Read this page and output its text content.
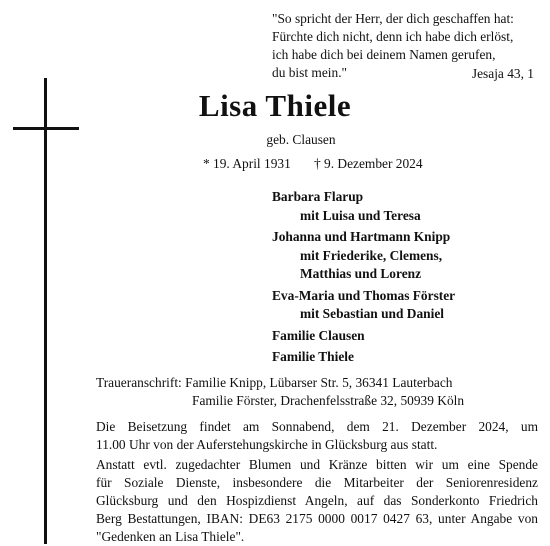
"So spricht der Herr, der dich geschaffen hat:
Fürchte dich nicht, denn ich habe dich erlöst,
ich habe dich bei deinem Namen gerufen,
du bist mein."	Jesaja 43, 1
Lisa Thiele
geb. Clausen
* 19. April 1931 † 9. Dezember 2024
Barbara Flarup
mit Luisa und Teresa
Johanna und Hartmann Knipp
mit Friederike, Clemens,
Matthias und Lorenz
Eva-Maria und Thomas Förster
mit Sebastian und Daniel
Familie Clausen
Familie Thiele
Traueranschrift: Familie Knipp, Lübarser Str. 5, 36341 Lauterbach
Familie Förster, Drachenfelsstraße 32, 50939 Köln
Die Beisetzung findet am Sonnabend, dem 21. Dezember 2024, um
11.00 Uhr von der Auferstehungskirche in Glücksburg aus statt.
Anstatt evtl. zugedachter Blumen und Kränze bitten wir um eine Spende
für Soziale Dienste, insbesondere die Mitarbeiter der Seniorenresidenz
Glücksburg und den Hospizdienst Angeln, auf das Sonderkonto Friedrich
Berg Bestattungen, IBAN: DE63 2175 0000 0017 0427 63, unter Angabe von
"Gedenken an Lisa Thiele".
